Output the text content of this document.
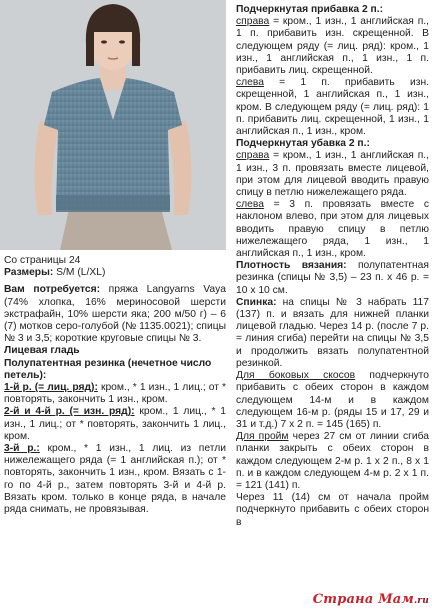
Со страницы 24

Размеры: S/M (L/XL)

Вам потребуется: пряжа Langyarns Vaya (74% хлопка, 16% мериносовой шерсти экстрафайн, 10% шерсти яка; 200 м/50 г) – 6 (7) мотков серо-голубой (№ 1135.0021); спицы № 3 и 3,5; короткие круговые спицы № 3.

Лицевая гладь

Полупатентная резинка (нечетное число петель):

1-й р. (= лиц. ряд): кром., * 1 изн., 1 лиц.; от * повторять, закончить 1 изн., кром.

2-й и 4-й р. (= изн. ряд): кром., 1 лиц., * 1 изн., 1 лиц.; от * повторять, закончить 1 лиц., кром.

3-й р.: кром., * 1 изн., 1 лиц. из петли нижележащего ряда (= 1 английская п.); от * повторять, закончить 1 изн., кром. Вязать с 1-го по 4-й р., затем повторять 3-й и 4-й р. Вязать кром. только в конце ряда, в начале ряда снимать, не провязывая.

Подчеркнутая прибавка 2 п.:

справа = кром., 1 изн., 1 английская п., 1 п. прибавить изн. скрещенной. В следующем ряду (= лиц. ряд): кром., 1 изн., 1 английская п., 1 изн., 1 п. прибавить лиц. скрещенной.

слева = 1 п. прибавить изн. скрещенной, 1 английская п., 1 изн., кром. В следующем ряду (= лиц. ряд): 1 п. прибавить лиц. скрещенной, 1 изн., 1 английская п., 1 изн., кром.

Подчеркнутая убавка 2 п.:

справа = кром., 1 изн., 1 английская п., 1 изн., 3 п. провязать вместе лицевой, при этом для лицевой вводить правую спицу в петлю нижележащего ряда.

слева = 3 п. провязать вместе с наклоном влево, при этом для лицевых вводить правую спицу в петлю нижележащего ряда, 1 изн., 1 английская п., 1 изн., кром.

Плотность вязания: полупатентная резинка (спицы № 3,5) – 23 п. х 46 р. = 10 х 10 см.

Спинка: на спицы № 3 набрать 117 (137) п. и вязать для нижней планки лицевой гладью. Через 14 р. (после 7 р. = линия сгиба) перейти на спицы № 3,5 и продолжить вязать полупатентной резинкой.

Для боковых скосов подчеркнуто прибавить с обеих сторон в каждом следующем 14-м и в каждом следующем 16-м р. (ряды 15 и 17, 29 и 31 и т.д.) 7 х 2 п. = 145 (165) п.

Для пройм через 27 см от линии сгиба планки закрыть с обеих сторон в каждом следующем 2-м р. 1 х 2 п., 8 х 1 п. и в каждом следующем 4-м р. 2 х 1 п. = 121 (141) п.

Через 11 (14) см от начала пройм подчеркнуто прибавить с обеих сторон в

Страна Мам.ru
